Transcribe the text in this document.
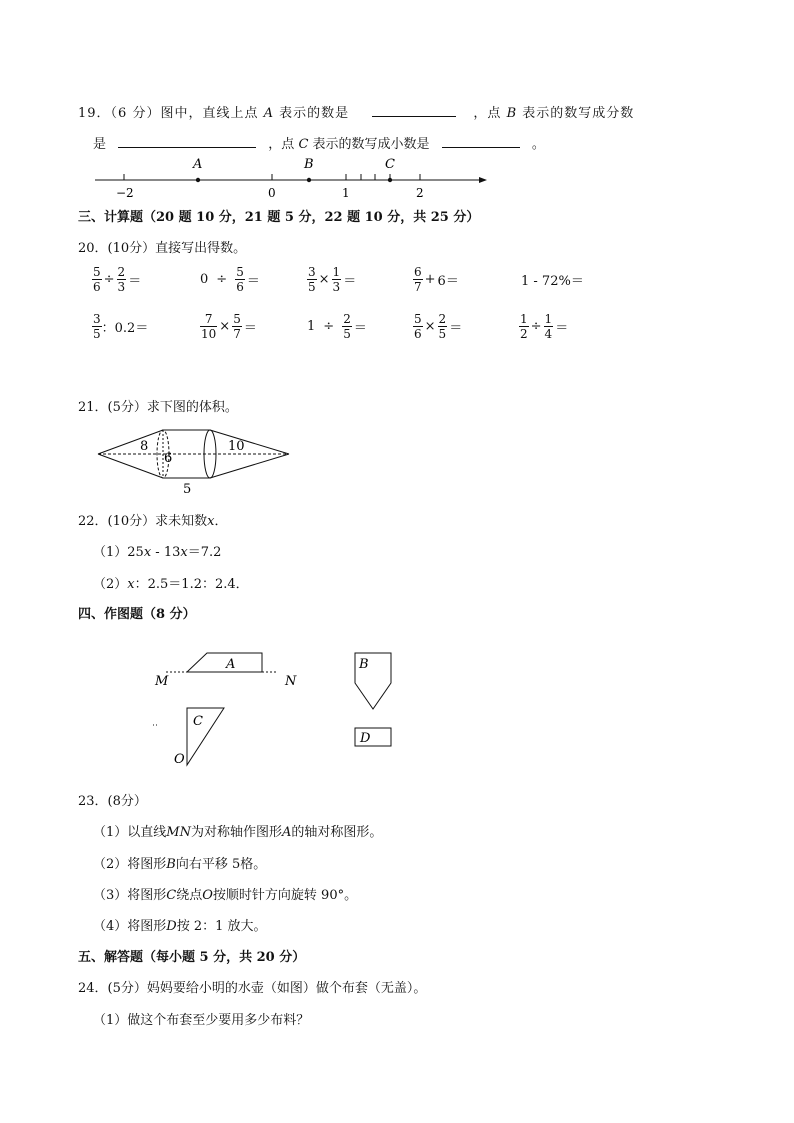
19．（6 分）图中，直线上点 A 表示的数是	，点 B 表示的数写成分数
是	，点 C 表示的数写成小数是	。
A	B	C
−2	0	1	2
三、计算题（20 题 10 分，21 题 5 分，22 题 10 分，共 25 分）
20．(10分）直接写出得数。
$\frac{5}{6} \div \frac{2}{3}$ ＝	$0 \div \frac{5}{6}$ ＝	$\frac{3}{5} \times \frac{1}{3}$ ＝	$\frac{6}{7} + 6=$	1 - 72%＝
$\frac{3}{5}$ ：0.2＝	$\frac{7}{10} \times \frac{5}{7}$ ＝	$1 \div \frac{2}{5}$ ＝	$\frac{5}{6} \times \frac{2}{5}$ ＝	$\frac{1}{2} \div \frac{1}{4}$ ＝
21．(5分）求下图的体积。
8
6
10
5
22．(10分）求未知数x．
（1）25x - 13x＝7.2
（2）x：2.5＝1.2：2.4．
四、作图题（8 分）
A
M	N
B
C
O
D
23．(8分）
（1）以直线MN为对称轴作图形A的轴对称图形。
（2）将图形B向右平移 5格。
（3）将图形C绕点O按顺时针方向旋转 90°。
（4）将图形D按 2：1 放大。
五、解答题（每小题 5 分，共 20 分）
24．(5分）妈妈要给小明的水壶（如图）做个布套（无盖）。
（1）做这个布套至少要用多少布料？
